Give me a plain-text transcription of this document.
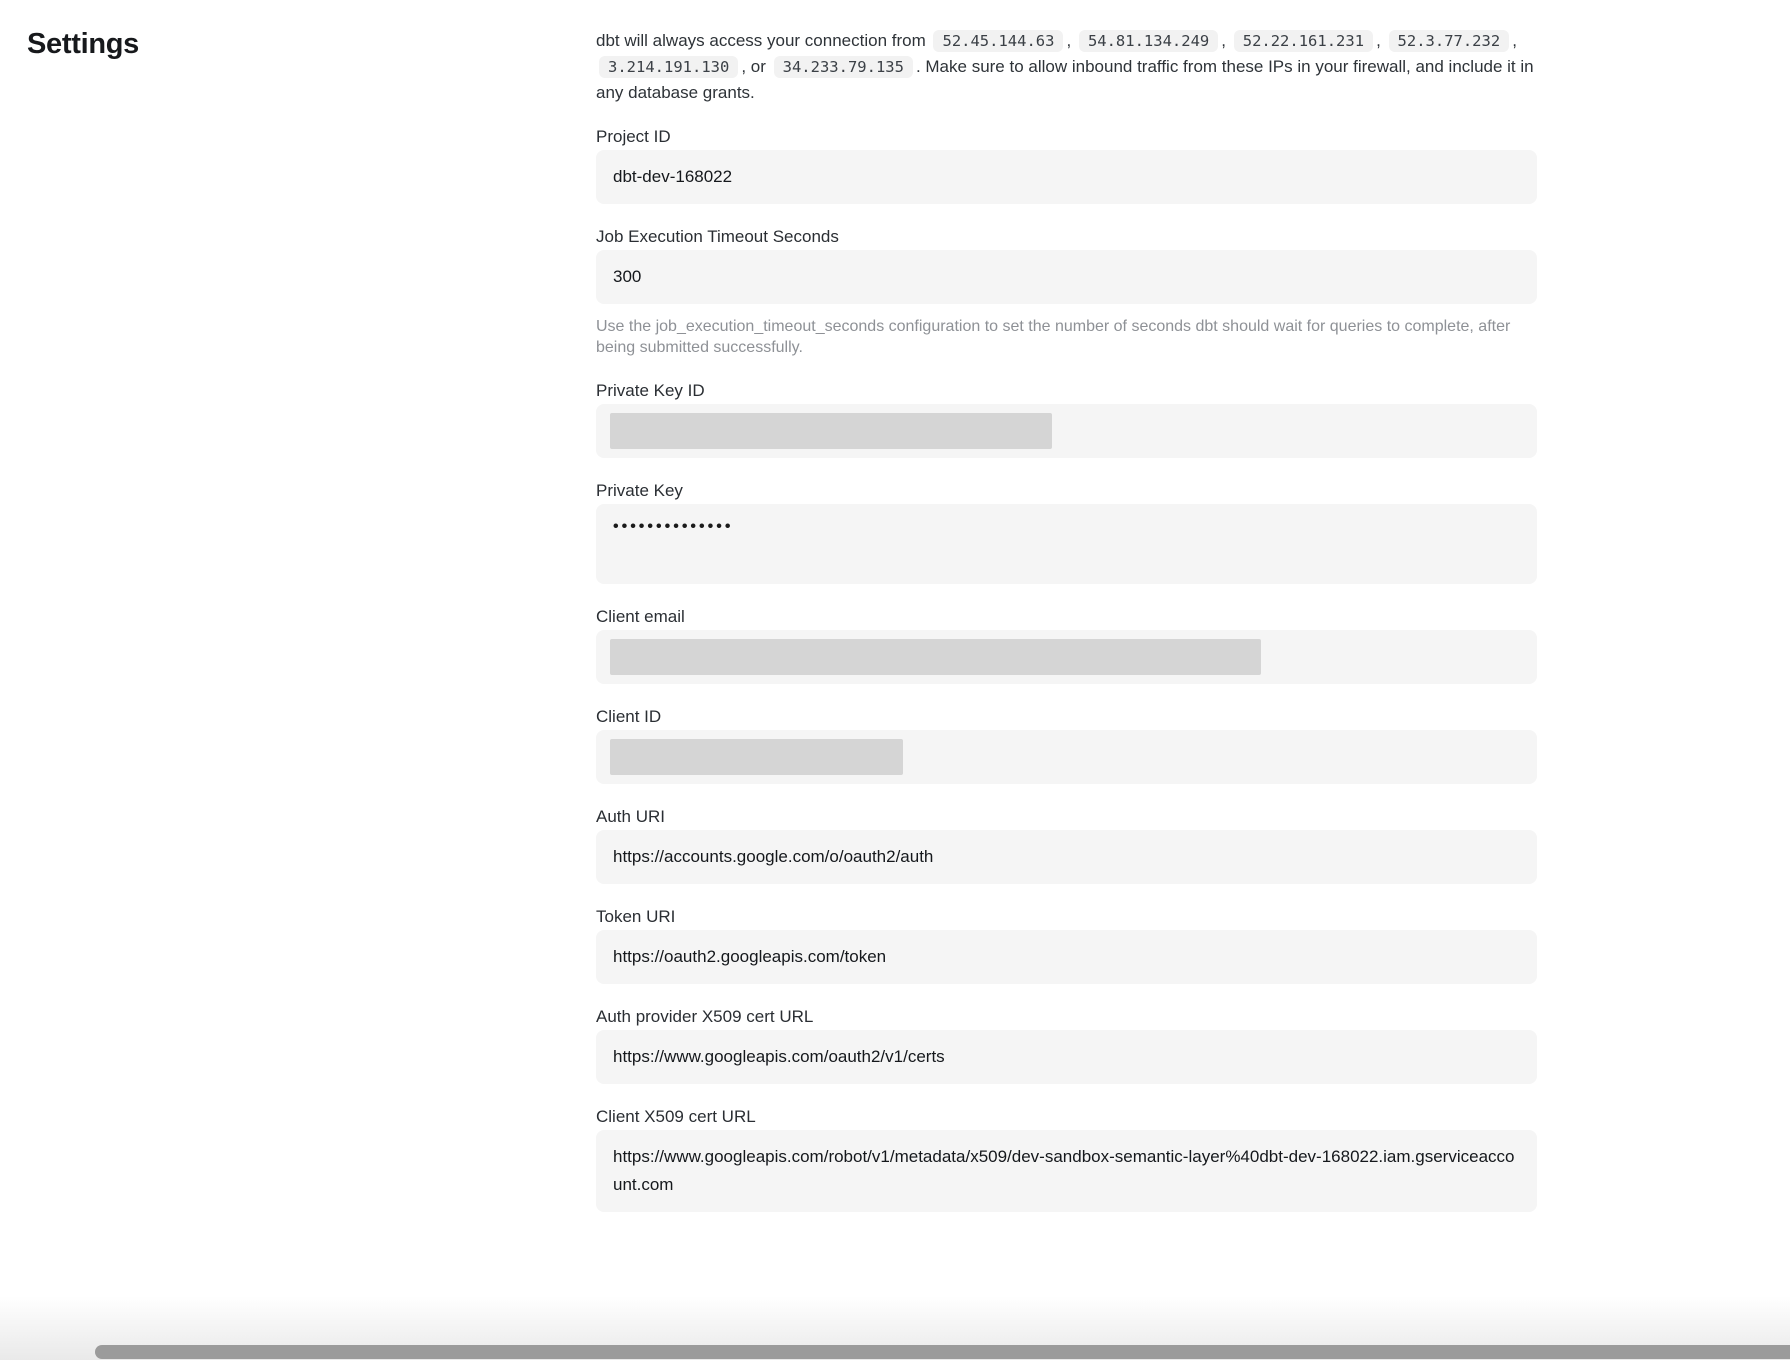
Settings	dbt will always access your connection from 52.45.144.63 , 54.81.134.249 , 52.22.161.231 , 52.3.77.232 , 3.214.191.130 , or 34.233.79.135 . Make sure to allow inbound traffic from these IPs in your firewall, and include it in any database grants.

Project ID
dbt-dev-168022
Job Execution Timeout Seconds
300
Use the job_execution_timeout_seconds configuration to set the number of seconds dbt should wait for queries to complete, after being submitted successfully.
Private Key ID
Private Key
••••••••••••••
Client email
Client ID
Auth URI
https://accounts.google.com/o/oauth2/auth
Token URI
https://oauth2.googleapis.com/token
Auth provider X509 cert URL
https://www.googleapis.com/oauth2/v1/certs
Client X509 cert URL
https://www.googleapis.com/robot/v1/metadata/x509/dev-sandbox-semantic-layer%40dbt-dev-168022.iam.gserviceaccount.com
